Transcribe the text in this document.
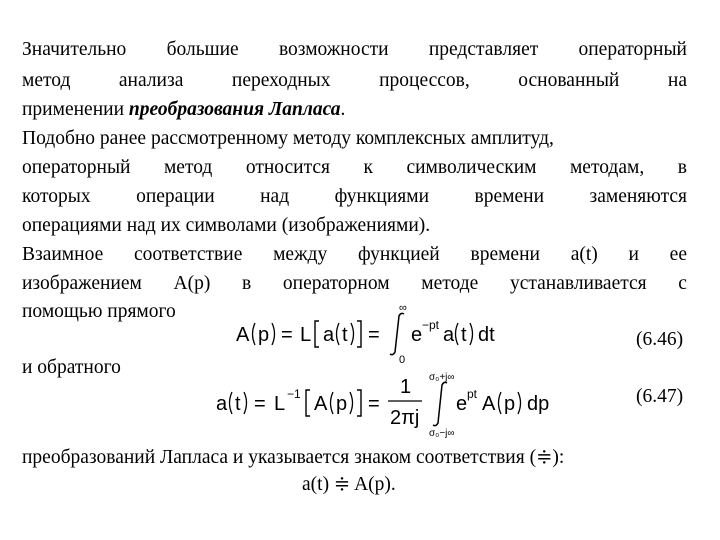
Значительно большие возможности представляет операторный
метод анализа переходных процессов, основанный на
применении преобразования Лапласа.
Подобно ранее рассмотренному методу комплексных амплитуд,
операторный метод относится к символическим методам, в
которых операции над функциями времени заменяются
операциями над их символами (изображениями).
Взаимное соответствие между функцией времени a(t) и ее
изображением A(p) в операторном методе устанавливается с
помощью прямого
A p = L a t =
∞
0
e −pt a t dt	(6.46)
и обратного
a t = L −1 A p =
1
2πj
σ₀+j∞
σ₀−j∞
e pt A p dp	(6.47)
преобразований Лапласа и указывается знаком соответствия (≑):
a(t) ≑ A(p).
